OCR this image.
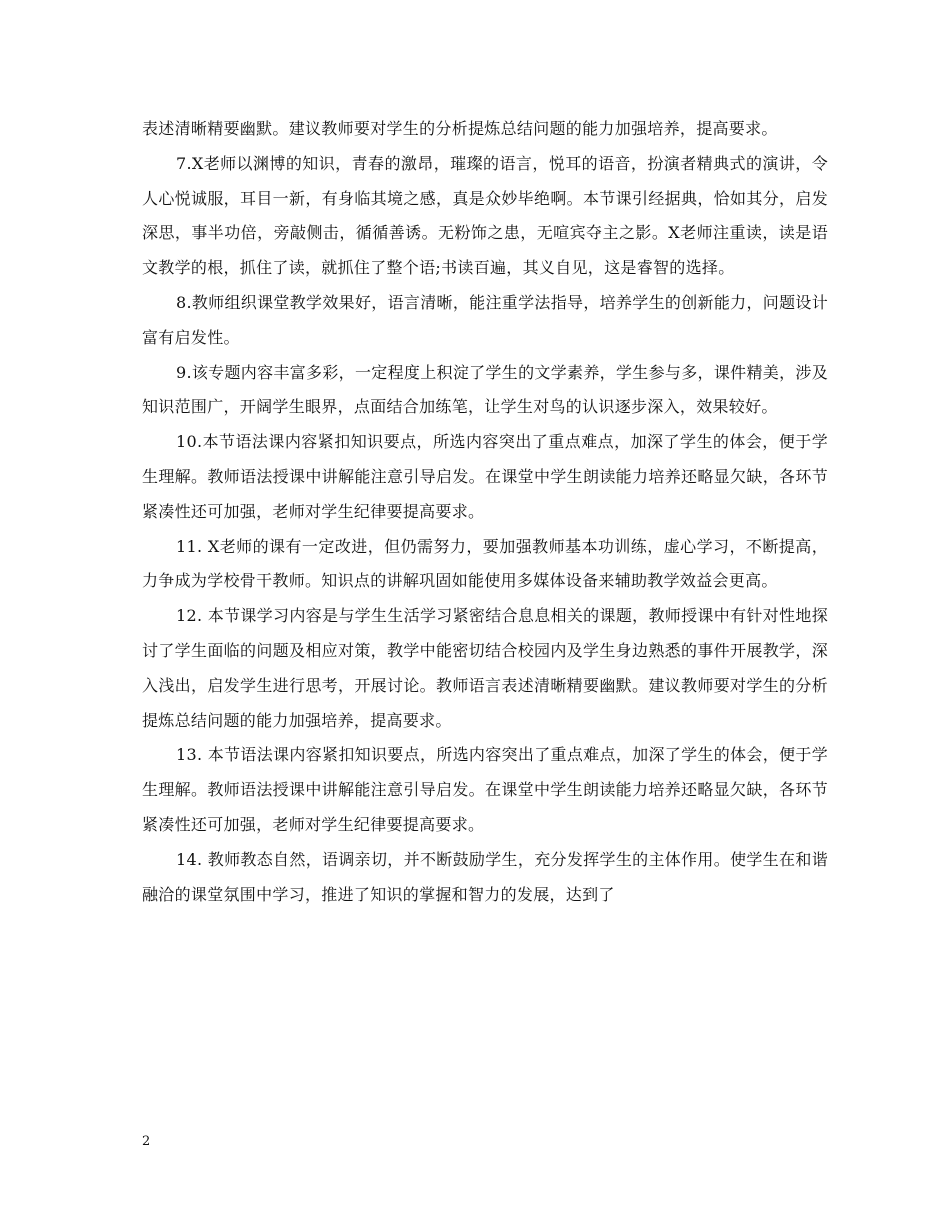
表述清晰精要幽默。建议教师要对学生的分析提炼总结问题的能力加强培养，提高要求。

7.X老师以渊博的知识，青春的激昂，璀璨的语言，悦耳的语音，扮演者精典式的演讲，令人心悦诚服，耳目一新，有身临其境之感，真是众妙毕绝啊。本节课引经据典，恰如其分，启发深思，事半功倍，旁敲侧击，循循善诱。无粉饰之患，无喧宾夺主之影。X老师注重读，读是语文教学的根，抓住了读，就抓住了整个语;书读百遍，其义自见，这是睿智的选择。

8.教师组织课堂教学效果好，语言清晰，能注重学法指导，培养学生的创新能力，问题设计富有启发性。

9.该专题内容丰富多彩，一定程度上积淀了学生的文学素养，学生参与多，课件精美，涉及知识范围广，开阔学生眼界，点面结合加练笔，让学生对鸟的认识逐步深入，效果较好。

10.本节语法课内容紧扣知识要点，所选内容突出了重点难点，加深了学生的体会，便于学生理解。教师语法授课中讲解能注意引导启发。在课堂中学生朗读能力培养还略显欠缺，各环节紧凑性还可加强，老师对学生纪律要提高要求。

11. X老师的课有一定改进，但仍需努力，要加强教师基本功训练，虚心学习，不断提高，力争成为学校骨干教师。知识点的讲解巩固如能使用多媒体设备来辅助教学效益会更高。

12. 本节课学习内容是与学生生活学习紧密结合息息相关的课题，教师授课中有针对性地探讨了学生面临的问题及相应对策，教学中能密切结合校园内及学生身边熟悉的事件开展教学，深入浅出，启发学生进行思考，开展讨论。教师语言表述清晰精要幽默。建议教师要对学生的分析提炼总结问题的能力加强培养，提高要求。

13. 本节语法课内容紧扣知识要点，所选内容突出了重点难点，加深了学生的体会，便于学生理解。教师语法授课中讲解能注意引导启发。在课堂中学生朗读能力培养还略显欠缺，各环节紧凑性还可加强，老师对学生纪律要提高要求。

14. 教师教态自然，语调亲切，并不断鼓励学生，充分发挥学生的主体作用。使学生在和谐融洽的课堂氛围中学习，推进了知识的掌握和智力的发展，达到了

2
